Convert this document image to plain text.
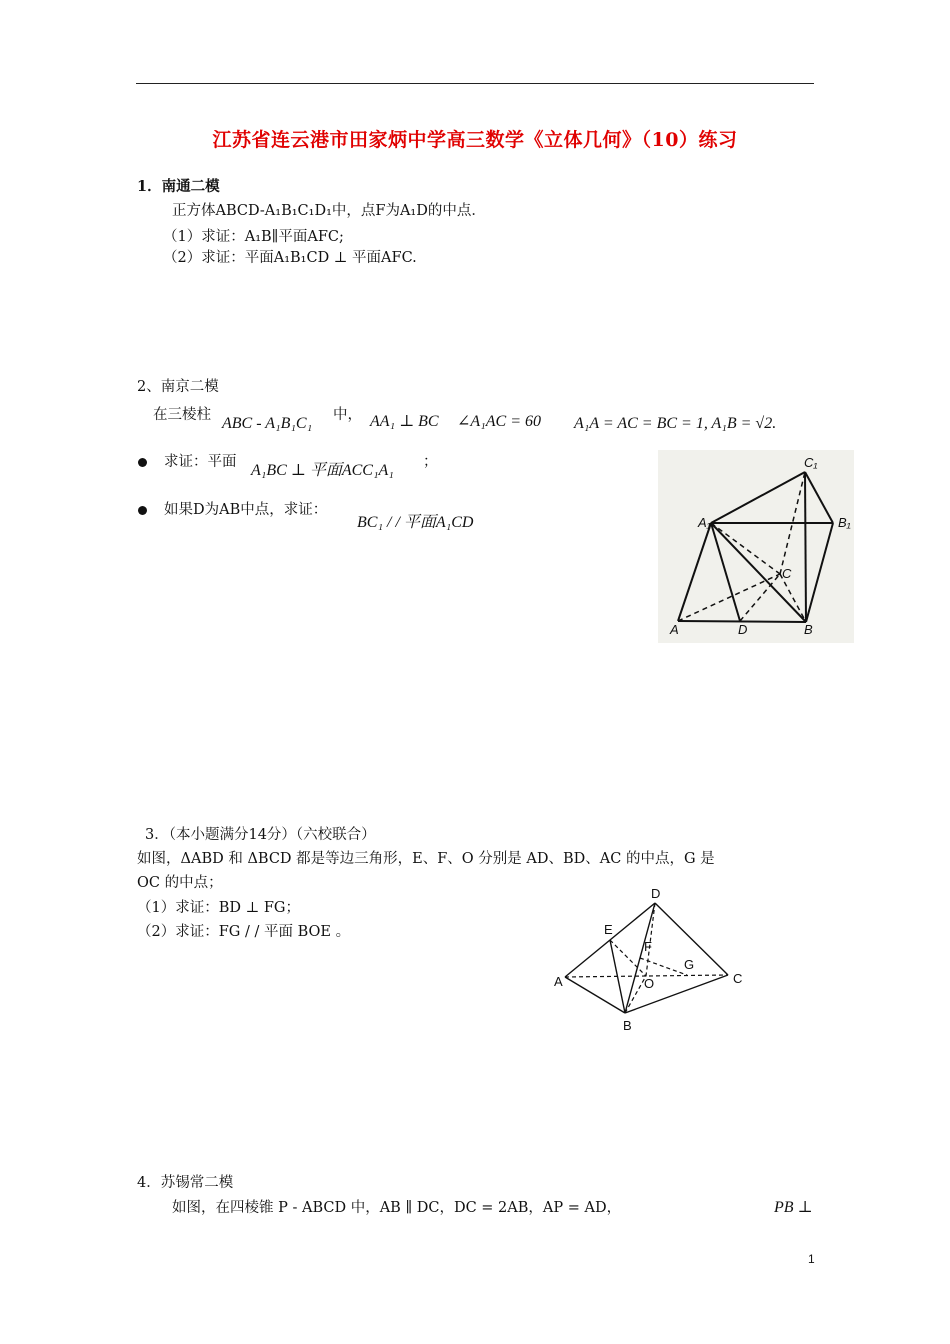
江苏省连云港市田家炳中学高三数学《立体几何》（10）练习
1．南通二模
正方体ABCD-A₁B₁C₁D₁中，点F为A₁D的中点．
（1）求证：A₁B∥平面AFC;
（2）求证：平面A₁B₁CD ⊥ 平面AFC.
2、南京二模
在三棱柱 ABC - A₁B₁C₁ 中， AA₁ ⊥ BC ∠A₁AC = 60 A₁A = AC = BC = 1, A₁B = √2.
求证：平面 A₁BC ⊥ 平面ACC₁A₁ ；
如果D为AB中点，求证：
BC₁ / / 平面A₁CD
A	D	B
C
A₁	B₁
C₁
3．（本小题满分14分）（六校联合）
如图，ΔABD 和 ΔBCD 都是等边三角形，E、F、O 分别是 AD、BD、AC 的中点，G 是
OC 的中点；
（1）求证：BD ⊥ FG；
（2）求证：FG / / 平面 BOE 。
D
E
F
G
A	O	C
B
4．苏锡常二模
如图，在四棱锥 P - ABCD 中，AB ∥ DC，DC = 2AB，AP = AD，	PB ⊥
1
